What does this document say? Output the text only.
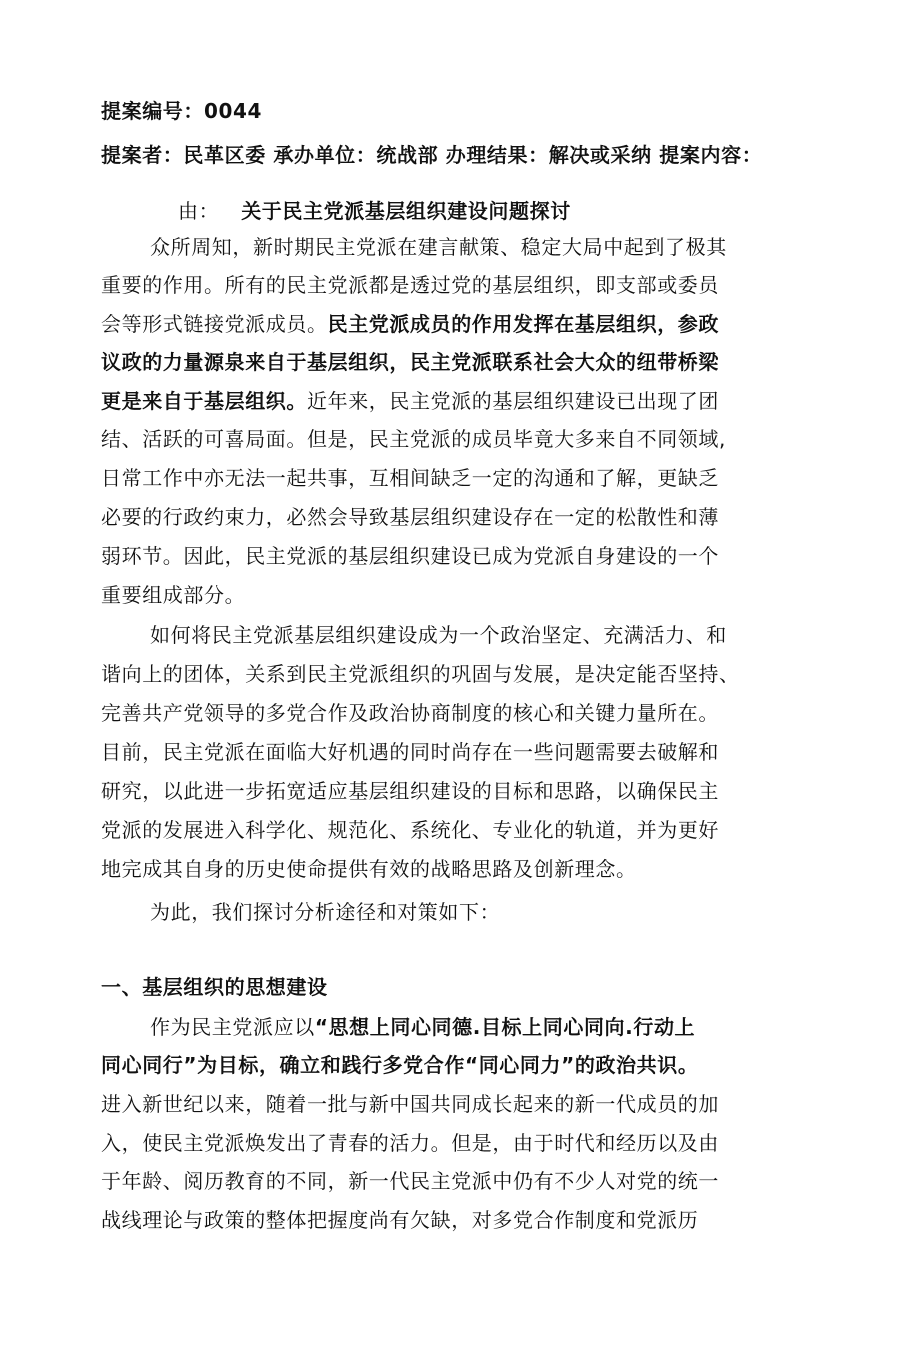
提案编号：0044
提案者：民革区委 承办单位：统战部 办理结果：解决或采纳 提案内容：
由： 关于民主党派基层组织建设问题探讨
众所周知，新时期民主党派在建言献策、稳定大局中起到了极其
重要的作用。所有的民主党派都是透过党的基层组织，即支部或委员
会等形式链接党派成员。民主党派成员的作用发挥在基层组织，参政
议政的力量源泉来自于基层组织，民主党派联系社会大众的纽带桥梁
更是来自于基层组织。近年来，民主党派的基层组织建设已出现了团
结、活跃的可喜局面。但是，民主党派的成员毕竟大多来自不同领域,
日常工作中亦无法一起共事，互相间缺乏一定的沟通和了解，更缺乏
必要的行政约束力，必然会导致基层组织建设存在一定的松散性和薄
弱环节。因此，民主党派的基层组织建设已成为党派自身建设的一个
重要组成部分。
如何将民主党派基层组织建设成为一个政治坚定、充满活力、和
谐向上的团体，关系到民主党派组织的巩固与发展，是决定能否坚持、
完善共产党领导的多党合作及政治协商制度的核心和关键力量所在。
目前，民主党派在面临大好机遇的同时尚存在一些问题需要去破解和
研究，以此进一步拓宽适应基层组织建设的目标和思路，以确保民主
党派的发展进入科学化、规范化、系统化、专业化的轨道，并为更好
地完成其自身的历史使命提供有效的战略思路及创新理念。
为此，我们探讨分析途径和对策如下：
一、基层组织的思想建设
作为民主党派应以“思想上同心同德.目标上同心同向.行动上
同心同行”为目标，确立和践行多党合作“同心同力”的政治共识。
进入新世纪以来，随着一批与新中国共同成长起来的新一代成员的加
入，使民主党派焕发出了青春的活力。但是，由于时代和经历以及由
于年龄、阅历教育的不同，新一代民主党派中仍有不少人对党的统一
战线理论与政策的整体把握度尚有欠缺，对多党合作制度和党派历
